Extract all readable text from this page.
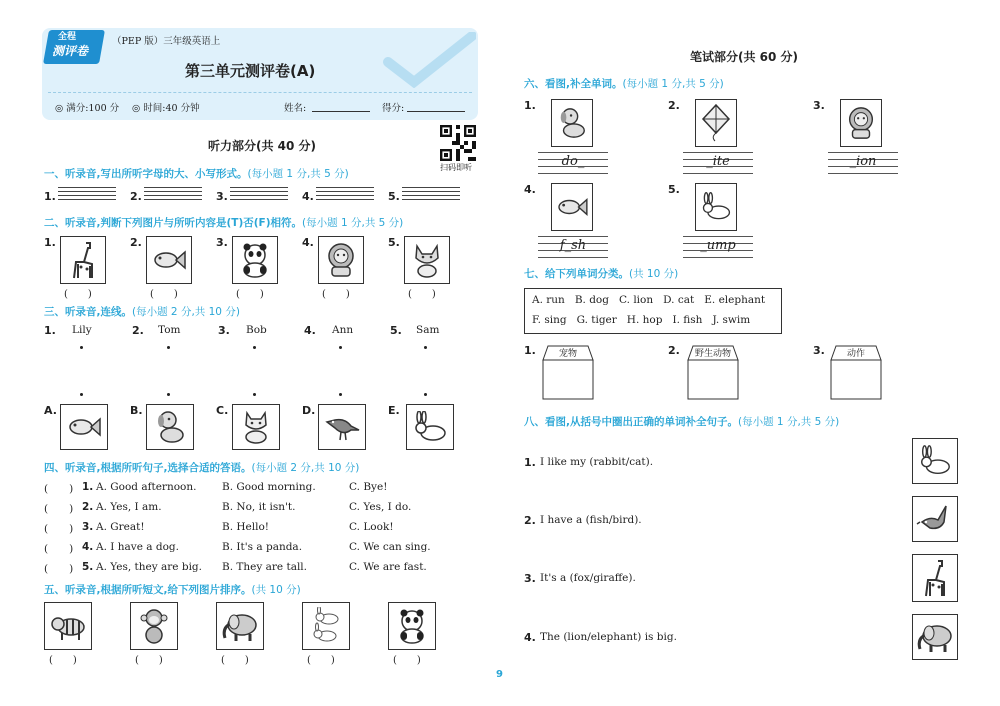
全程
测评卷
（PEP 版）三年级英语上
第三单元测评卷(A)
◎ 满分:100 分 ◎ 时间:40 分钟	姓名:	得分:
听力部分(共 40 分)
扫码即听
一、听录音,写出所听字母的大、小写形式。(每小题 1 分,共 5 分)
1.	2.	3.	4.	5.
二、听录音,判断下列图片与所听内容是(T)否(F)相符。(每小题 1 分,共 5 分)
1.
(　　)
2.
(　　)
3.
(　　)
4.
(　　)
5.
(　　)
三、听录音,连线。(每小题 2 分,共 10 分)
1. Lily	2. Tom	3. Bob	4. Ann	5. Sam
A.	B.	C.	D.	E.
四、听录音,根据所听句子,选择合适的答语。(每小题 2 分,共 10 分)
(　　) 1. A. Good afternoon. B. Good morning.	C. Bye!
(　　) 2. A. Yes, I am.	B. No, it isn't.	C. Yes, I do.
(　　) 3. A. Great!	B. Hello!	C. Look!
(　　) 4. A. I have a dog.	B. It's a panda.	C. We can sing.
(　　) 5. A. Yes, they are big. B. They are tall.	C. We are fast.
五、听录音,根据所听短文,给下列图片排序。(共 10 分)
(　　)	(　　)	(　　)	(　　)	(　　)
笔试部分(共 60 分)
六、看图,补全单词。(每小题 1 分,共 5 分)
1.
do_
2.
_ite
3.
_ion
4.
f_sh
5.
_ump
七、给下列单词分类。(共 10 分)
A. run   B. dog   C. lion   D. cat   E. elephant
F. sing   G. tiger   H. hop   I. fish   J. swim
1.	宠物	2.	野生动物	3.	动作
八、看图,从括号中圈出正确的单词补全句子。(每小题 1 分,共 5 分)
1. I like my (rabbit/cat).
2. I have a (fish/bird).
3. It's a (fox/giraffe).
4. The (lion/elephant) is big.
9
